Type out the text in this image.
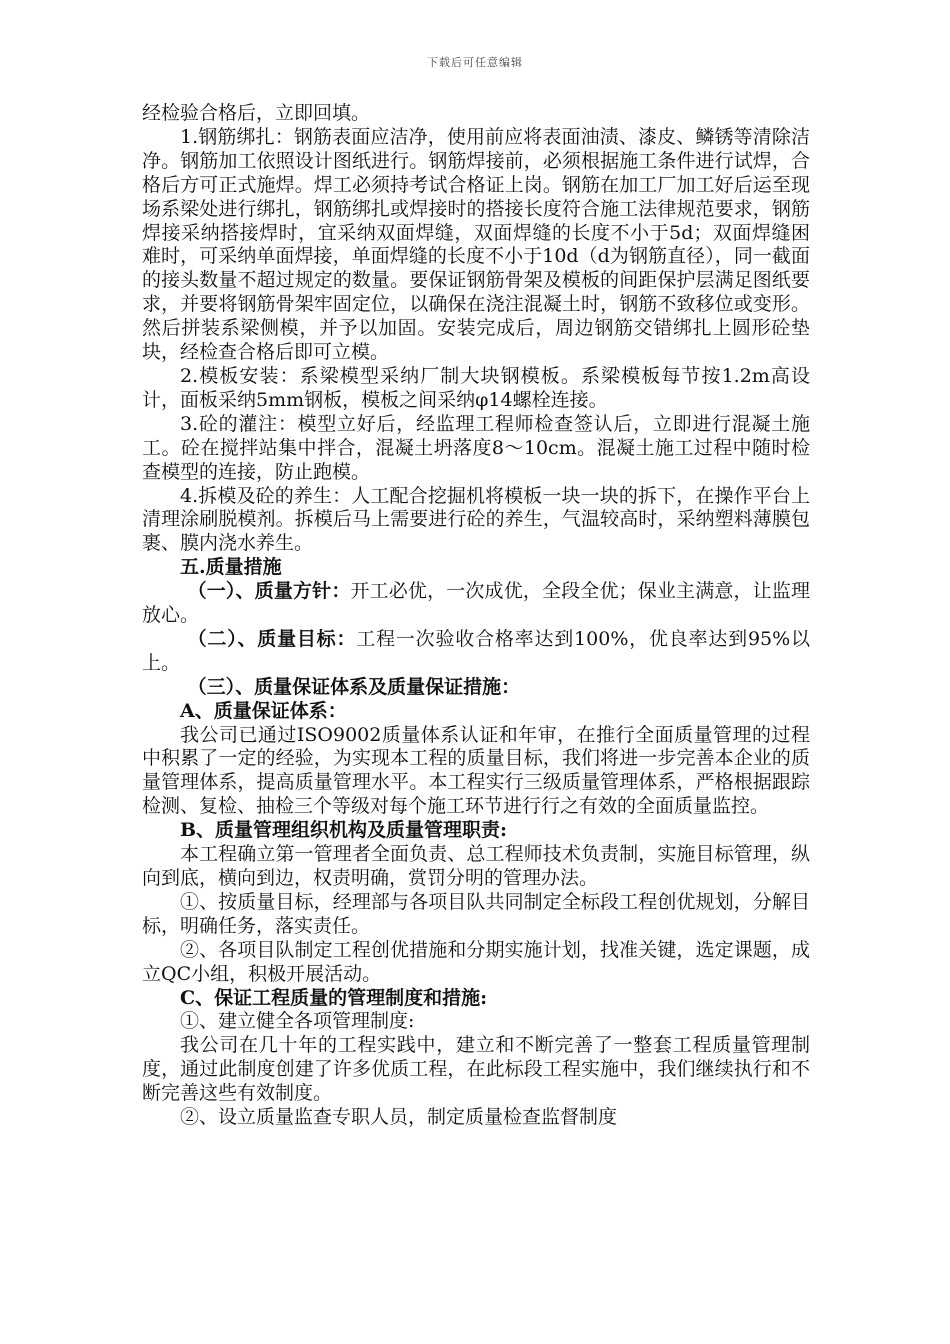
下载后可任意编辑

经检验合格后，立即回填。

1.钢筋绑扎：钢筋表面应洁净，使用前应将表面油渍、漆皮、鳞锈等清除洁净。钢筋加工依照设计图纸进行。钢筋焊接前，必须根据施工条件进行试焊，合格后方可正式施焊。焊工必须持考试合格证上岗。钢筋在加工厂加工好后运至现场系梁处进行绑扎，钢筋绑扎或焊接时的搭接长度符合施工法律规范要求，钢筋焊接采纳搭接焊时，宜采纳双面焊缝，双面焊缝的长度不小于5d；双面焊缝困难时，可采纳单面焊接，单面焊缝的长度不小于10d（d为钢筋直径），同一截面的接头数量不超过规定的数量。要保证钢筋骨架及模板的间距保护层满足图纸要求，并要将钢筋骨架牢固定位，以确保在浇注混凝土时，钢筋不致移位或变形。然后拼装系梁侧模，并予以加固。安装完成后，周边钢筋交错绑扎上圆形砼垫块，经检查合格后即可立模。

2.模板安装：系梁模型采纳厂制大块钢模板。系梁模板每节按1.2m高设计，面板采纳5mm钢板，模板之间采纳φ14螺栓连接。

3.砼的灌注：模型立好后，经监理工程师检查签认后，立即进行混凝土施工。砼在搅拌站集中拌合，混凝土坍落度8～10cm。混凝土施工过程中随时检查模型的连接，防止跑模。

4.拆模及砼的养生：人工配合挖掘机将模板一块一块的拆下，在操作平台上清理涂刷脱模剂。拆模后马上需要进行砼的养生，气温较高时，采纳塑料薄膜包裹、膜内浇水养生。

五.质量措施

（一）、质量方针：开工必优，一次成优，全段全优；保业主满意，让监理放心。

（二）、质量目标：工程一次验收合格率达到100%，优良率达到95%以上。

（三）、质量保证体系及质量保证措施：

A、质量保证体系：

我公司已通过ISO9002质量体系认证和年审，在推行全面质量管理的过程中积累了一定的经验，为实现本工程的质量目标，我们将进一步完善本企业的质量管理体系，提高质量管理水平。本工程实行三级质量管理体系，严格根据跟踪检测、复检、抽检三个等级对每个施工环节进行行之有效的全面质量监控。

B、质量管理组织机构及质量管理职责:

本工程确立第一管理者全面负责、总工程师技术负责制，实施目标管理，纵向到底，横向到边，权责明确，赏罚分明的管理办法。

①、按质量目标，经理部与各项目队共同制定全标段工程创优规划，分解目标，明确任务，落实责任。

②、各项目队制定工程创优措施和分期实施计划，找准关键，选定课题，成立QC小组，积极开展活动。

C、保证工程质量的管理制度和措施:

①、建立健全各项管理制度:

我公司在几十年的工程实践中，建立和不断完善了一整套工程质量管理制度，通过此制度创建了许多优质工程，在此标段工程实施中，我们继续执行和不断完善这些有效制度。

②、设立质量监查专职人员，制定质量检查监督制度
